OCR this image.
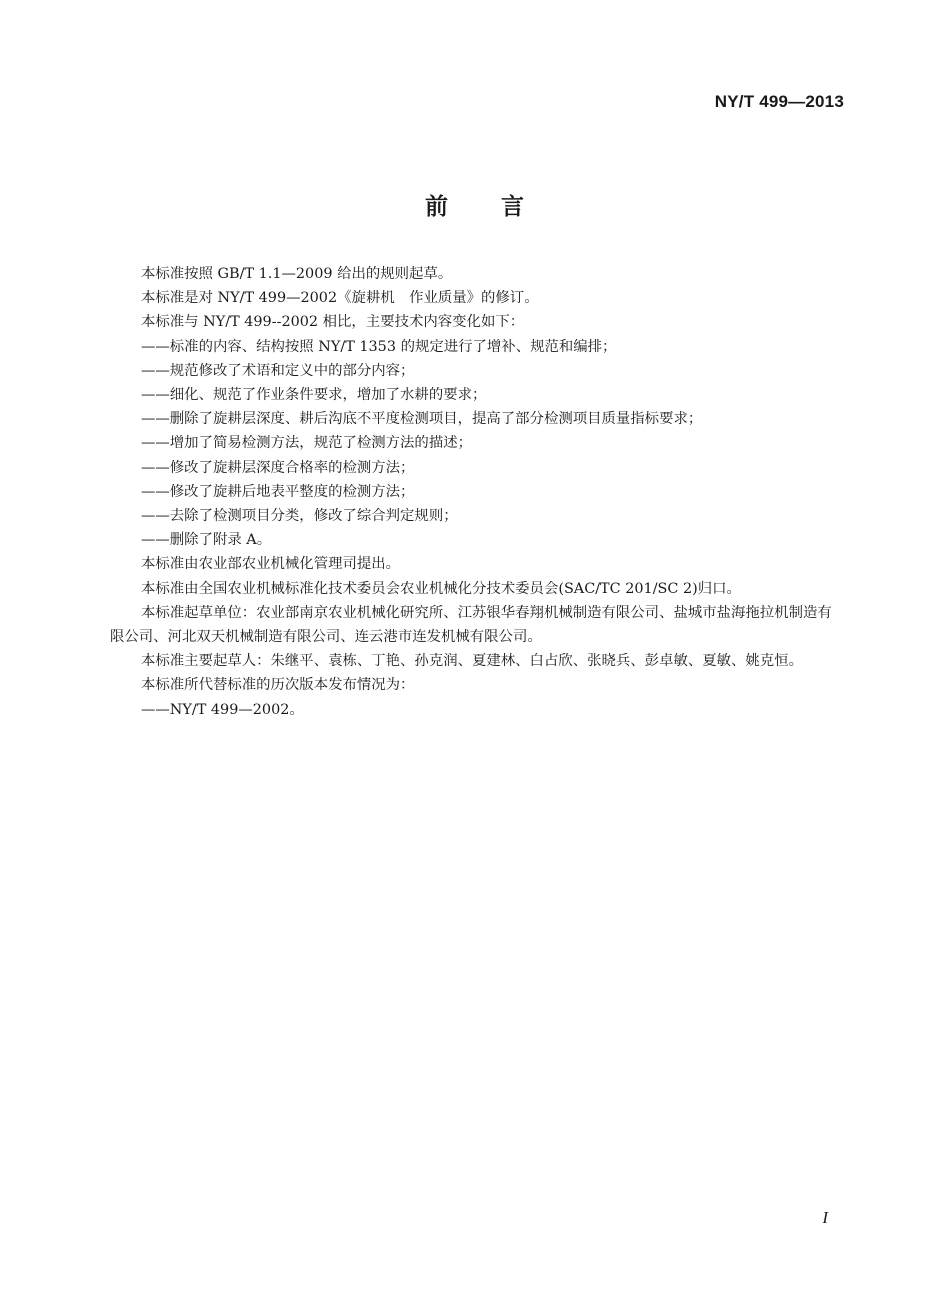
NY/T 499—2013
前 言

本标准按照 GB/T 1.1—2009 给出的规则起草。

本标准是对 NY/T 499—2002《旋耕机　作业质量》的修订。

本标准与 NY/T 499--2002 相比，主要技术内容变化如下：

——标准的内容、结构按照 NY/T 1353 的规定进行了增补、规范和编排；

——规范修改了术语和定义中的部分内容；

——细化、规范了作业条件要求，增加了水耕的要求；

——删除了旋耕层深度、耕后沟底不平度检测项目，提高了部分检测项目质量指标要求；

——增加了简易检测方法，规范了检测方法的描述；

——修改了旋耕层深度合格率的检测方法；

——修改了旋耕后地表平整度的检测方法；

——去除了检测项目分类，修改了综合判定规则；

——删除了附录 A。

本标准由农业部农业机械化管理司提出。

本标准由全国农业机械标准化技术委员会农业机械化分技术委员会(SAC/TC 201/SC 2)归口。

本标准起草单位：农业部南京农业机械化研究所、江苏银华春翔机械制造有限公司、盐城市盐海拖拉机制造有限公司、河北双天机械制造有限公司、连云港市连发机械有限公司。

本标准主要起草人：朱继平、袁栋、丁艳、孙克润、夏建林、白占欣、张晓兵、彭卓敏、夏敏、姚克恒。

本标准所代替标准的历次版本发布情况为：

——NY/T 499—2002。

I
